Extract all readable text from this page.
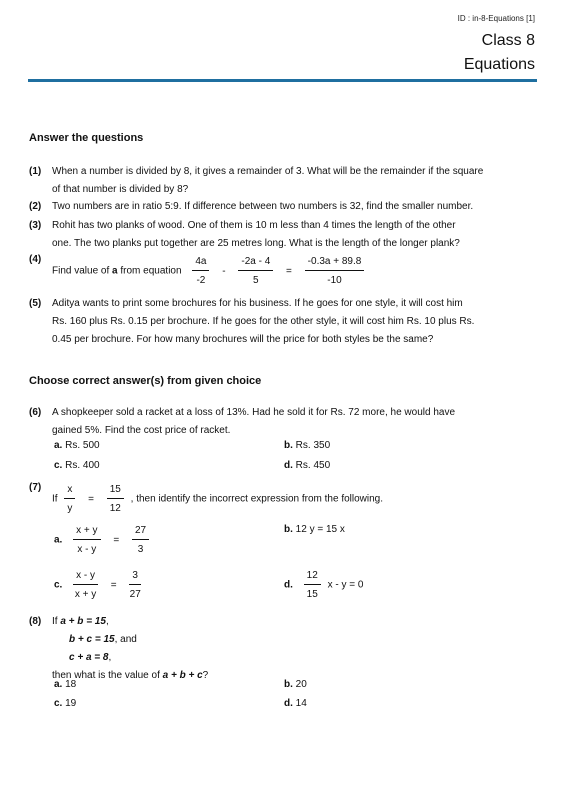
ID : in-8-Equations [1]
Class 8
Equations
Answer the questions
(1) When a number is divided by 8, it gives a remainder of 3. What will be the remainder if the square
of that number is divided by 8?
(2) Two numbers are in ratio 5:9. If difference between two numbers is 32, find the smaller number.
(3) Rohit has two planks of wood. One of them is 10 m less than 4 times the length of the other
one. The two planks put together are 25 metres long. What is the length of the longer plank?
(4)
Find value of a from equation $\frac{4a}{-2} - \frac{-2a - 4}{5} = \frac{-0.3a + 89.8}{-10}$
(5) Aditya wants to print some brochures for his business. If he goes for one style, it will cost him
Rs. 160 plus Rs. 0.15 per brochure. If he goes for the other style, it will cost him Rs. 10 plus Rs.
0.45 per brochure. For how many brochures will the price for both styles be the same?
Choose correct answer(s) from given choice
(6) A shopkeeper sold a racket at a loss of 13%. Had he sold it for Rs. 72 more, he would have
gained 5%. Find the cost price of racket.
a. Rs. 500	b. Rs. 350
c. Rs. 400	d. Rs. 450
(7)
If $\frac{x}{y} = \frac{15}{12}$ , then identify the incorrect expression from the following.
a. $\frac{x + y}{x - y} = \frac{27}{3}$	b. 12 y = 15 x
c. $\frac{x - y}{x + y} = \frac{3}{27}$	d. $\frac{12}{15}$ x - y = 0
(8) If a + b = 15,
b + c = 15, and
c + a = 8,
then what is the value of a + b + c?
a. 18	b. 20
c. 19	d. 14
